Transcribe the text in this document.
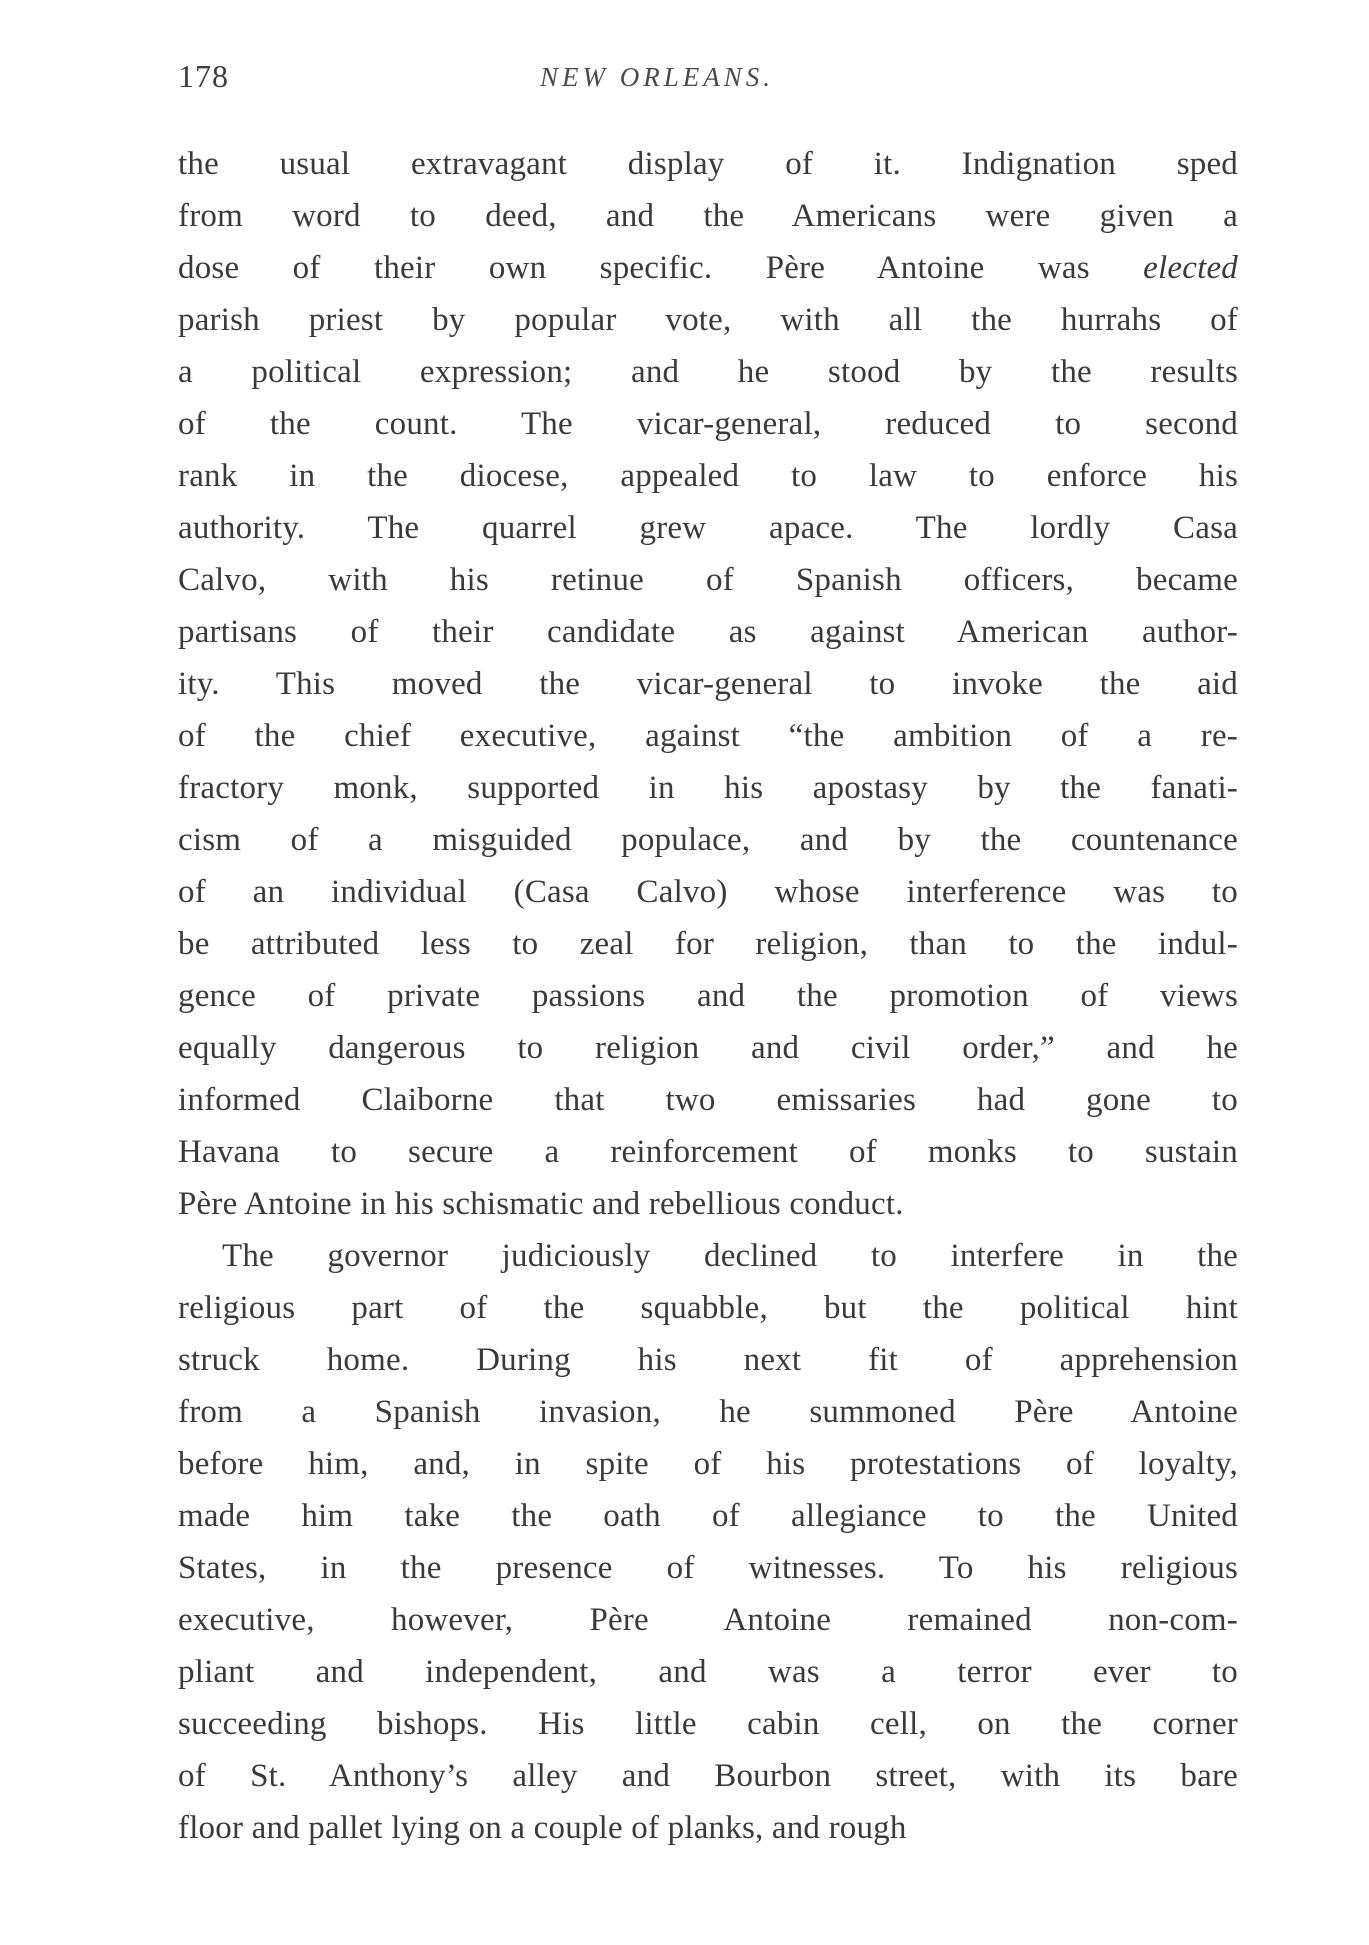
178	NEW ORLEANS.
the usual extravagant display of it. Indignation sped
from word to deed, and the Americans were given a
dose of their own specific. Père Antoine was elected
parish priest by popular vote, with all the hurrahs of
a political expression; and he stood by the results
of the count. The vicar-general, reduced to second
rank in the diocese, appealed to law to enforce his
authority. The quarrel grew apace. The lordly Casa
Calvo, with his retinue of Spanish officers, became
partisans of their candidate as against American author-
ity. This moved the vicar-general to invoke the aid
of the chief executive, against “the ambition of a re-
fractory monk, supported in his apostasy by the fanati-
cism of a misguided populace, and by the countenance
of an individual (Casa Calvo) whose interference was to
be attributed less to zeal for religion, than to the indul-
gence of private passions and the promotion of views
equally dangerous to religion and civil order,” and he
informed Claiborne that two emissaries had gone to
Havana to secure a reinforcement of monks to sustain
Père Antoine in his schismatic and rebellious conduct.
The governor judiciously declined to interfere in the
religious part of the squabble, but the political hint
struck home. During his next fit of apprehension
from a Spanish invasion, he summoned Père Antoine
before him, and, in spite of his protestations of loyalty,
made him take the oath of allegiance to the United
States, in the presence of witnesses. To his religious
executive, however, Père Antoine remained non-com-
pliant and independent, and was a terror ever to
succeeding bishops. His little cabin cell, on the corner
of St. Anthony’s alley and Bourbon street, with its bare
floor and pallet lying on a couple of planks, and rough
